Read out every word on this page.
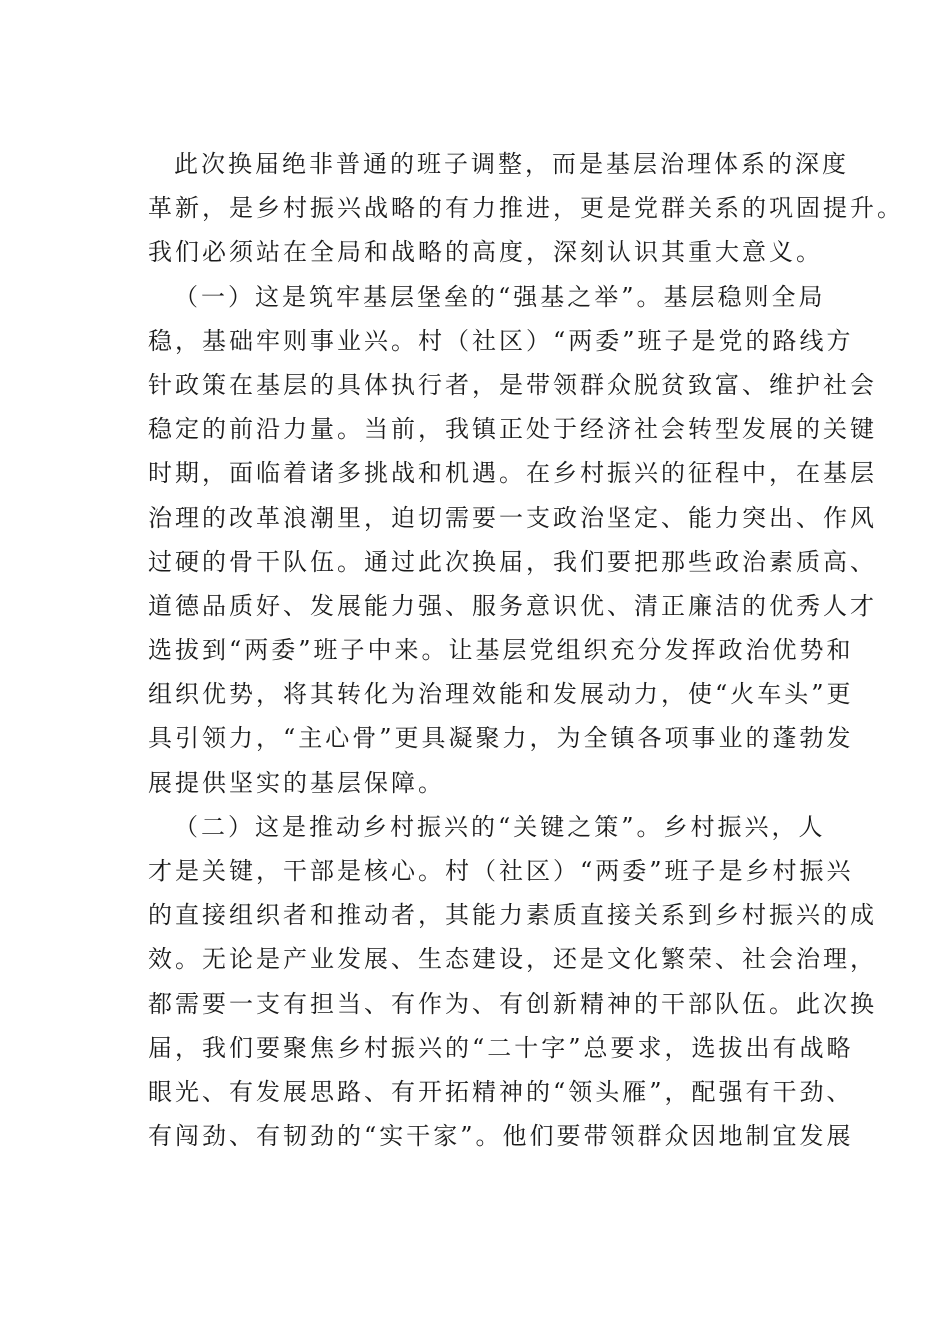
此次换届绝非普通的班子调整，而是基层治理体系的深度
革新，是乡村振兴战略的有力推进，更是党群关系的巩固提升。
我们必须站在全局和战略的高度，深刻认识其重大意义。
（一）这是筑牢基层堡垒的“强基之举”。基层稳则全局
稳，基础牢则事业兴。村（社区）“两委”班子是党的路线方
针政策在基层的具体执行者，是带领群众脱贫致富、维护社会
稳定的前沿力量。当前，我镇正处于经济社会转型发展的关键
时期，面临着诸多挑战和机遇。在乡村振兴的征程中，在基层
治理的改革浪潮里，迫切需要一支政治坚定、能力突出、作风
过硬的骨干队伍。通过此次换届，我们要把那些政治素质高、
道德品质好、发展能力强、服务意识优、清正廉洁的优秀人才
选拔到“两委”班子中来。让基层党组织充分发挥政治优势和
组织优势，将其转化为治理效能和发展动力，使“火车头”更
具引领力，“主心骨”更具凝聚力，为全镇各项事业的蓬勃发
展提供坚实的基层保障。
（二）这是推动乡村振兴的“关键之策”。乡村振兴，人
才是关键，干部是核心。村（社区）“两委”班子是乡村振兴
的直接组织者和推动者，其能力素质直接关系到乡村振兴的成
效。无论是产业发展、生态建设，还是文化繁荣、社会治理，
都需要一支有担当、有作为、有创新精神的干部队伍。此次换
届，我们要聚焦乡村振兴的“二十字”总要求，选拔出有战略
眼光、有发展思路、有开拓精神的“领头雁”，配强有干劲、
有闯劲、有韧劲的“实干家”。他们要带领群众因地制宜发展
